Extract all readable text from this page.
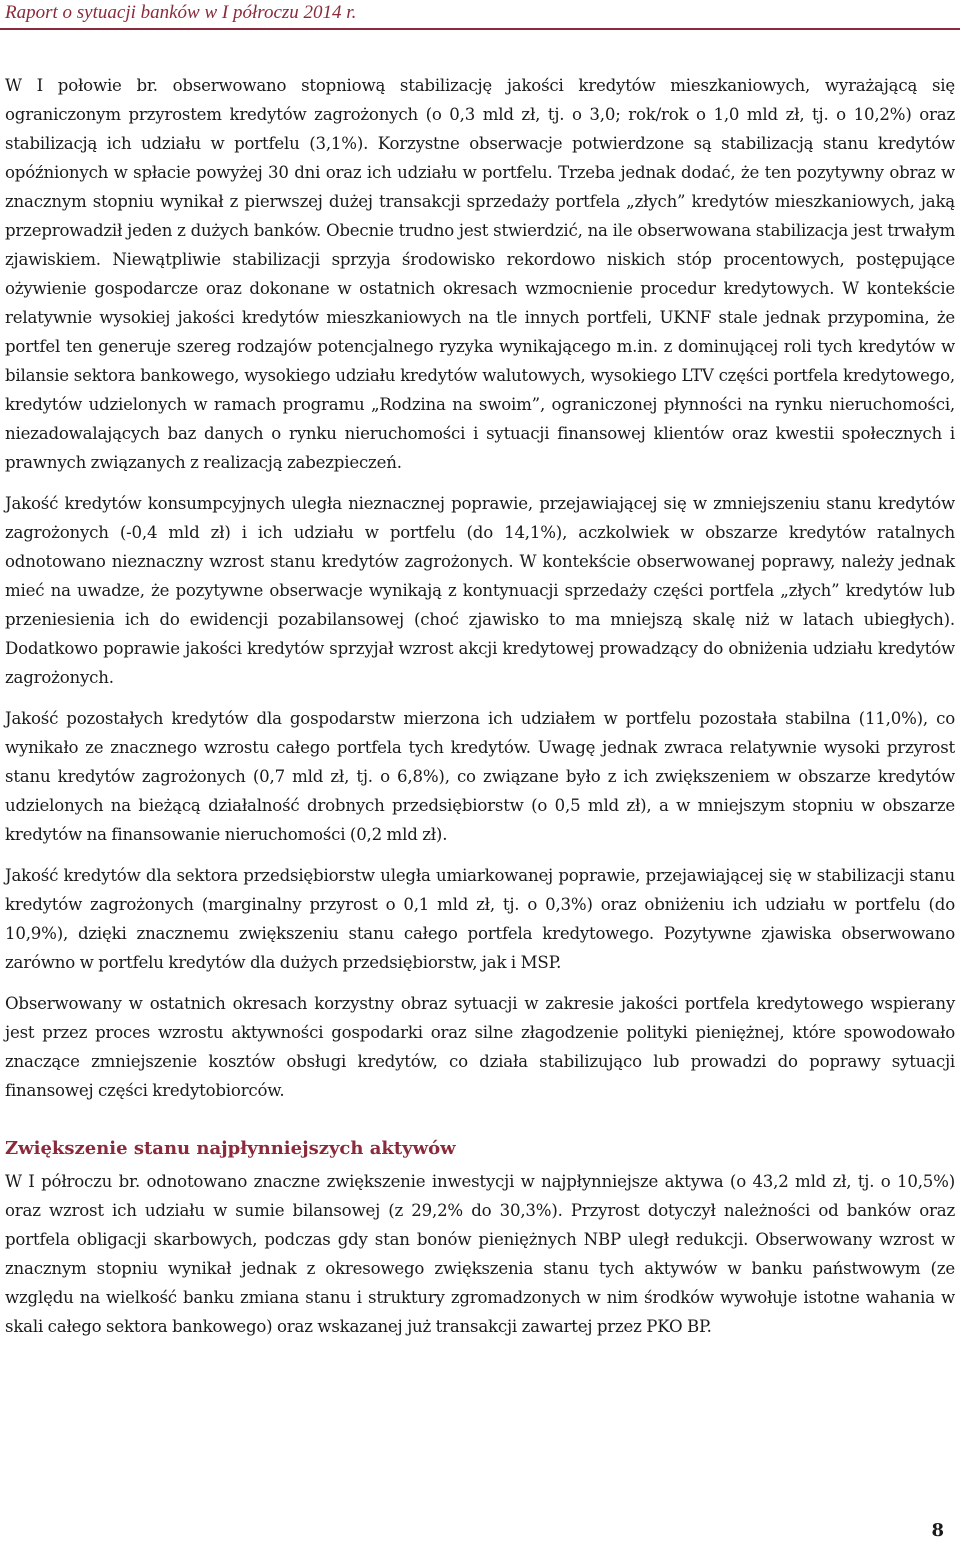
Raport o sytuacji banków w I półroczu 2014 r.

W I połowie br. obserwowano stopniową stabilizację jakości kredytów mieszkaniowych, wyrażającą się ograniczonym przyrostem kredytów zagrożonych (o 0,3 mld zł, tj. o 3,0; rok/rok o 1,0 mld zł, tj. o 10,2%) oraz stabilizacją ich udziału w portfelu (3,1%). Korzystne obserwacje potwierdzone są stabilizacją stanu kredytów opóźnionych w spłacie powyżej 30 dni oraz ich udziału w portfelu. Trzeba jednak dodać, że ten pozytywny obraz w znacznym stopniu wynikał z pierwszej dużej transakcji sprzedaży portfela „złych” kredytów mieszkaniowych, jaką przeprowadził jeden z dużych banków. Obecnie trudno jest stwierdzić, na ile obserwowana stabilizacja jest trwałym zjawiskiem. Niewątpliwie stabilizacji sprzyja środowisko rekordowo niskich stóp procentowych, postępujące ożywienie gospodarcze oraz dokonane w ostatnich okresach wzmocnienie procedur kredytowych. W kontekście relatywnie wysokiej jakości kredytów mieszkaniowych na tle innych portfeli, UKNF stale jednak przypomina, że portfel ten generuje szereg rodzajów potencjalnego ryzyka wynikającego m.in. z dominującej roli tych kredytów w bilansie sektora bankowego, wysokiego udziału kredytów walutowych, wysokiego LTV części portfela kredytowego, kredytów udzielonych w ramach programu „Rodzina na swoim”, ograniczonej płynności na rynku nieruchomości, niezadowalających baz danych o rynku nieruchomości i sytuacji finansowej klientów oraz kwestii społecznych i prawnych związanych z realizacją zabezpieczeń.

Jakość kredytów konsumpcyjnych uległa nieznacznej poprawie, przejawiającej się w zmniejszeniu stanu kredytów zagrożonych (-0,4 mld zł) i ich udziału w portfelu (do 14,1%), aczkolwiek w obszarze kredytów ratalnych odnotowano nieznaczny wzrost stanu kredytów zagrożonych. W kontekście obserwowanej poprawy, należy jednak mieć na uwadze, że pozytywne obserwacje wynikają z kontynuacji sprzedaży części portfela „złych” kredytów lub przeniesienia ich do ewidencji pozabilansowej (choć zjawisko to ma mniejszą skalę niż w latach ubiegłych). Dodatkowo poprawie jakości kredytów sprzyjał wzrost akcji kredytowej prowadzący do obniżenia udziału kredytów zagrożonych.

Jakość pozostałych kredytów dla gospodarstw mierzona ich udziałem w portfelu pozostała stabilna (11,0%), co wynikało ze znacznego wzrostu całego portfela tych kredytów. Uwagę jednak zwraca relatywnie wysoki przyrost stanu kredytów zagrożonych (0,7 mld zł, tj. o 6,8%), co związane było z ich zwiększeniem w obszarze kredytów udzielonych na bieżącą działalność drobnych przedsiębiorstw (o 0,5 mld zł), a w mniejszym stopniu w obszarze kredytów na finansowanie nieruchomości (0,2 mld zł).

Jakość kredytów dla sektora przedsiębiorstw uległa umiarkowanej poprawie, przejawiającej się w stabilizacji stanu kredytów zagrożonych (marginalny przyrost o 0,1 mld zł, tj. o 0,3%) oraz obniżeniu ich udziału w portfelu (do 10,9%), dzięki znacznemu zwiększeniu stanu całego portfela kredytowego. Pozytywne zjawiska obserwowano zarówno w portfelu kredytów dla dużych przedsiębiorstw, jak i MSP.

Obserwowany w ostatnich okresach korzystny obraz sytuacji w zakresie jakości portfela kredytowego wspierany jest przez proces wzrostu aktywności gospodarki oraz silne złagodzenie polityki pieniężnej, które spowodowało znaczące zmniejszenie kosztów obsługi kredytów, co działa stabilizująco lub prowadzi do poprawy sytuacji finansowej części kredytobiorców.

Zwiększenie stanu najpłynniejszych aktywów

W I półroczu br. odnotowano znaczne zwiększenie inwestycji w najpłynniejsze aktywa (o 43,2 mld zł, tj. o 10,5%) oraz wzrost ich udziału w sumie bilansowej (z 29,2% do 30,3%). Przyrost dotyczył należności od banków oraz portfela obligacji skarbowych, podczas gdy stan bonów pieniężnych NBP uległ redukcji. Obserwowany wzrost w znacznym stopniu wynikał jednak z okresowego zwiększenia stanu tych aktywów w banku państwowym (ze względu na wielkość banku zmiana stanu i struktury zgromadzonych w nim środków wywołuje istotne wahania w skali całego sektora bankowego) oraz wskazanej już transakcji zawartej przez PKO BP.

8
